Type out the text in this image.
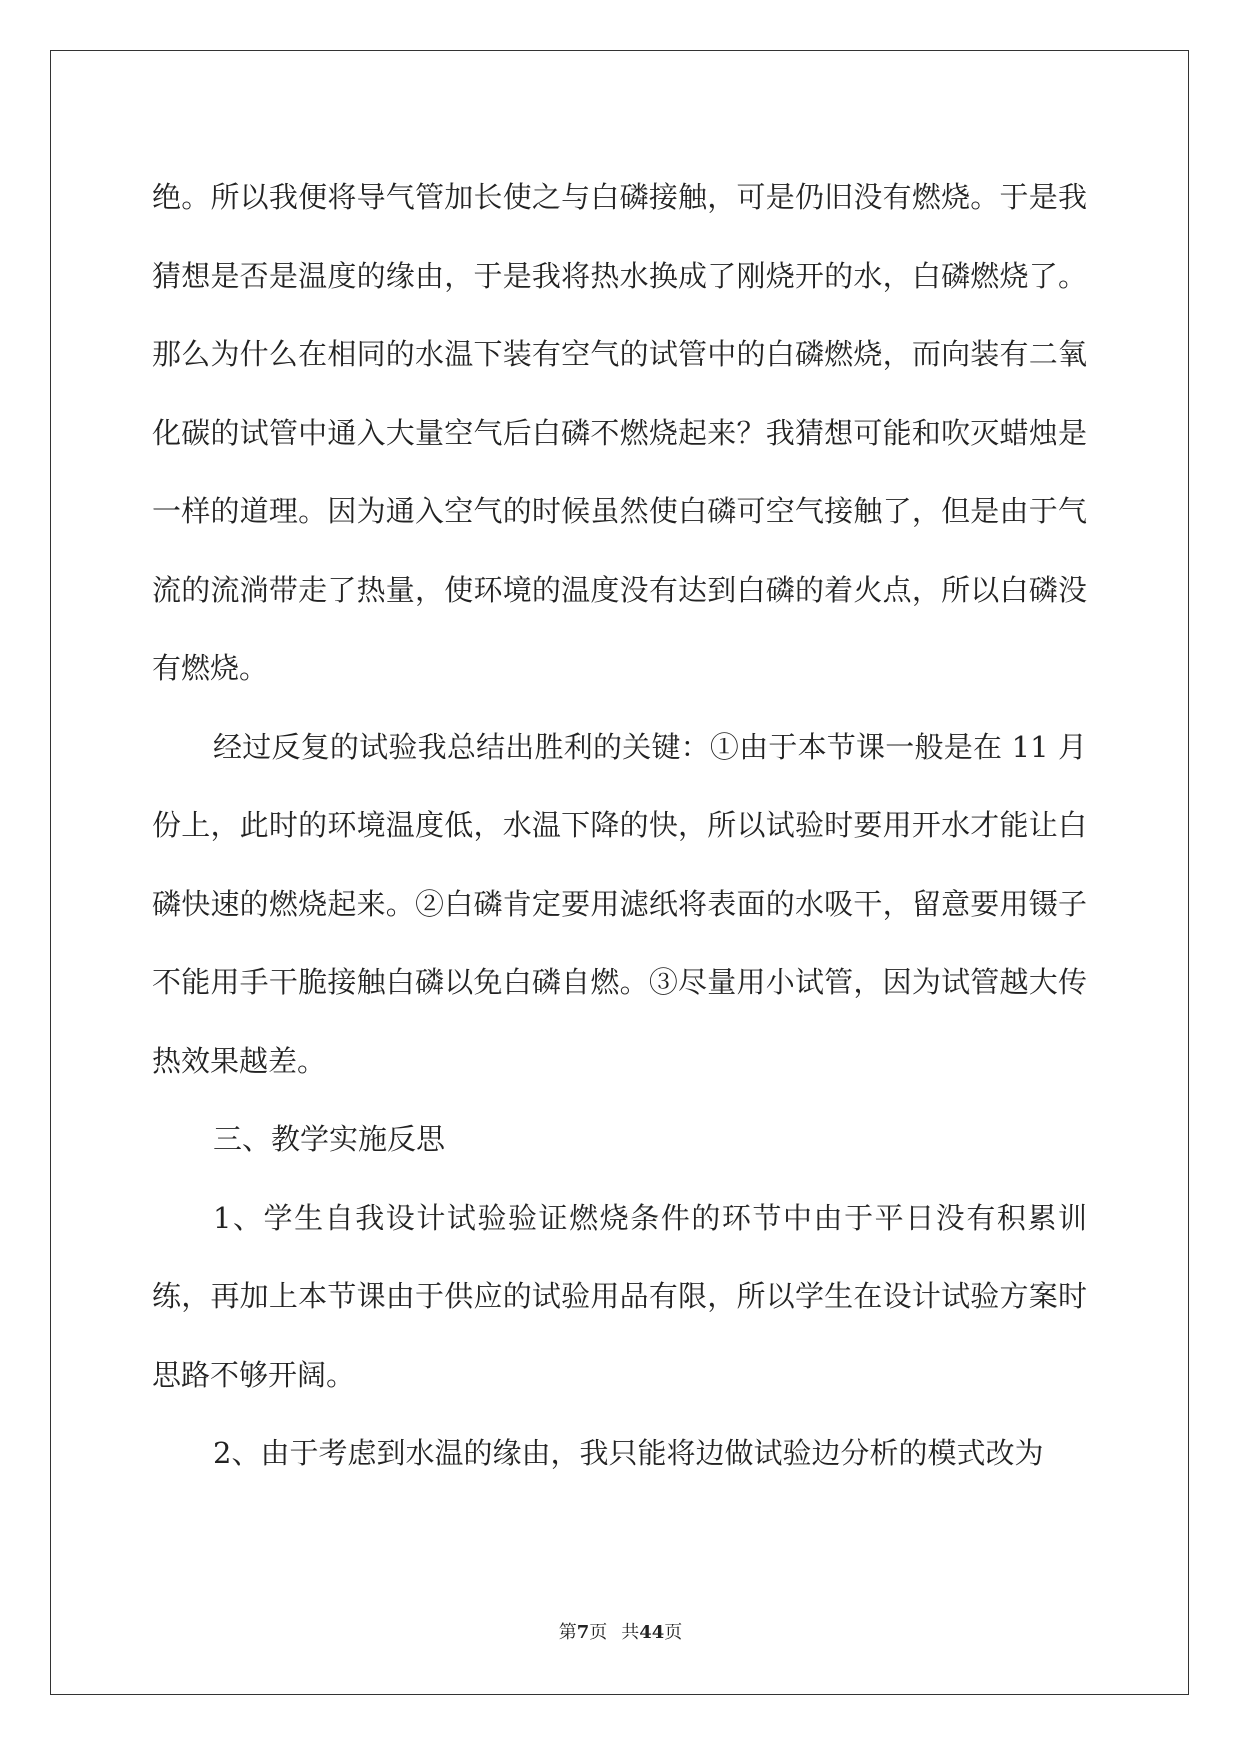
绝。所以我便将导气管加长使之与白磷接触，可是仍旧没有燃烧。于是我猜想是否是温度的缘由，于是我将热水换成了刚烧开的水，白磷燃烧了。那么为什么在相同的水温下装有空气的试管中的白磷燃烧，而向装有二氧化碳的试管中通入大量空气后白磷不燃烧起来？我猜想可能和吹灭蜡烛是一样的道理。因为通入空气的时候虽然使白磷可空气接触了，但是由于气流的流淌带走了热量，使环境的温度没有达到白磷的着火点，所以白磷没有燃烧。

经过反复的试验我总结出胜利的关键：①由于本节课一般是在 11 月份上，此时的环境温度低，水温下降的快，所以试验时要用开水才能让白磷快速的燃烧起来。②白磷肯定要用滤纸将表面的水吸干，留意要用镊子不能用手干脆接触白磷以免白磷自燃。③尽量用小试管，因为试管越大传热效果越差。

三、教学实施反思

1、学生自我设计试验验证燃烧条件的环节中由于平日没有积累训练，再加上本节课由于供应的试验用品有限，所以学生在设计试验方案时思路不够开阔。

2、由于考虑到水温的缘由，我只能将边做试验边分析的模式改为

第7页 共44页
